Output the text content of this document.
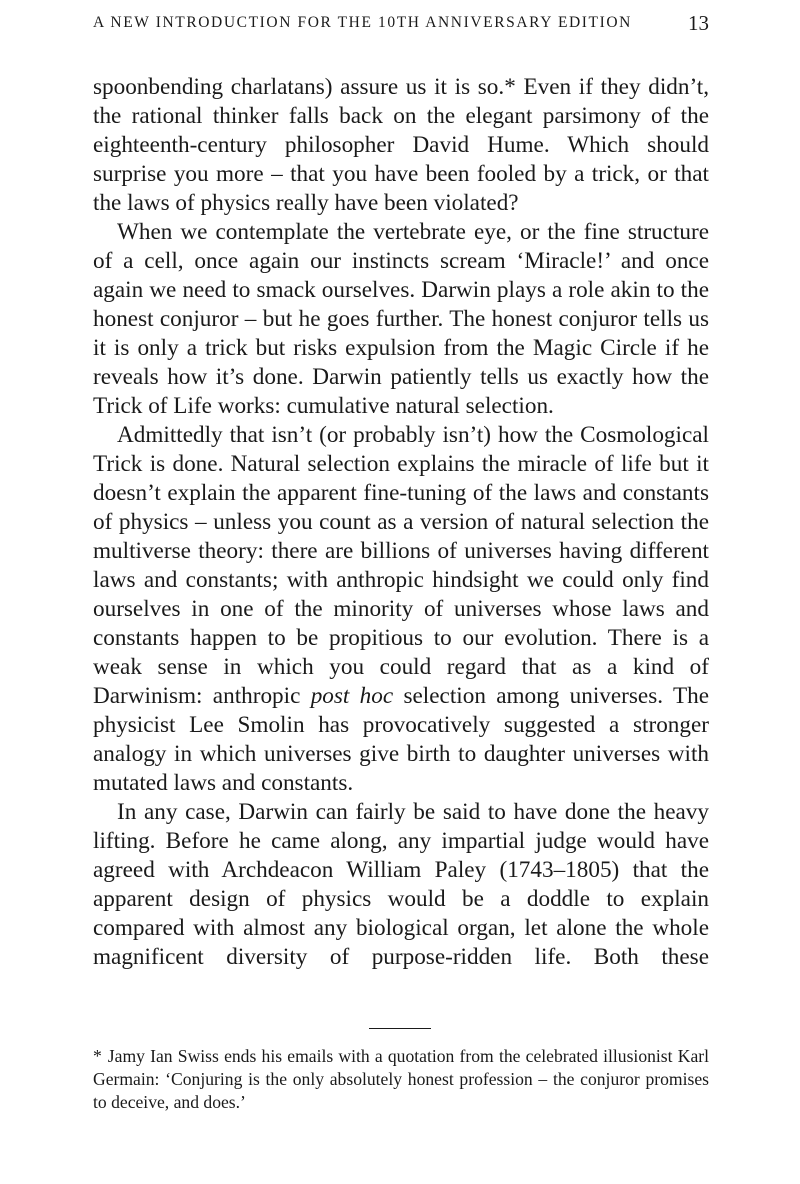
A NEW INTRODUCTION FOR THE 10TH ANNIVERSARY EDITION	13

spoonbending charlatans) assure us it is so.* Even if they didn’t, the rational thinker falls back on the elegant parsimony of the eighteenth-century philosopher David Hume. Which should surprise you more – that you have been fooled by a trick, or that the laws of physics really have been violated?

When we contemplate the vertebrate eye, or the fine structure of a cell, once again our instincts scream ‘Miracle!’ and once again we need to smack ourselves. Darwin plays a role akin to the honest conjuror – but he goes further. The honest conjuror tells us it is only a trick but risks expulsion from the Magic Circle if he reveals how it’s done. Darwin patiently tells us exactly how the Trick of Life works: cumulative natural selection.

Admittedly that isn’t (or probably isn’t) how the Cosmological Trick is done. Natural selection explains the miracle of life but it doesn’t explain the apparent fine-tuning of the laws and constants of physics – unless you count as a version of natural selection the multiverse theory: there are billions of universes having different laws and constants; with anthropic hindsight we could only find ourselves in one of the minority of universes whose laws and constants happen to be propitious to our evolution. There is a weak sense in which you could regard that as a kind of Darwinism: anthropic post hoc selection among universes. The physicist Lee Smolin has provocatively suggested a stronger analogy in which universes give birth to daughter universes with mutated laws and constants.

In any case, Darwin can fairly be said to have done the heavy lifting. Before he came along, any impartial judge would have agreed with Archdeacon William Paley (1743–1805) that the apparent design of physics would be a doddle to explain compared with almost any biological organ, let alone the whole magnificent diversity of purpose-ridden life. Both these

* Jamy Ian Swiss ends his emails with a quotation from the celebrated illusionist Karl Germain: ‘Conjuring is the only absolutely honest profession – the conjuror promises to deceive, and does.’
